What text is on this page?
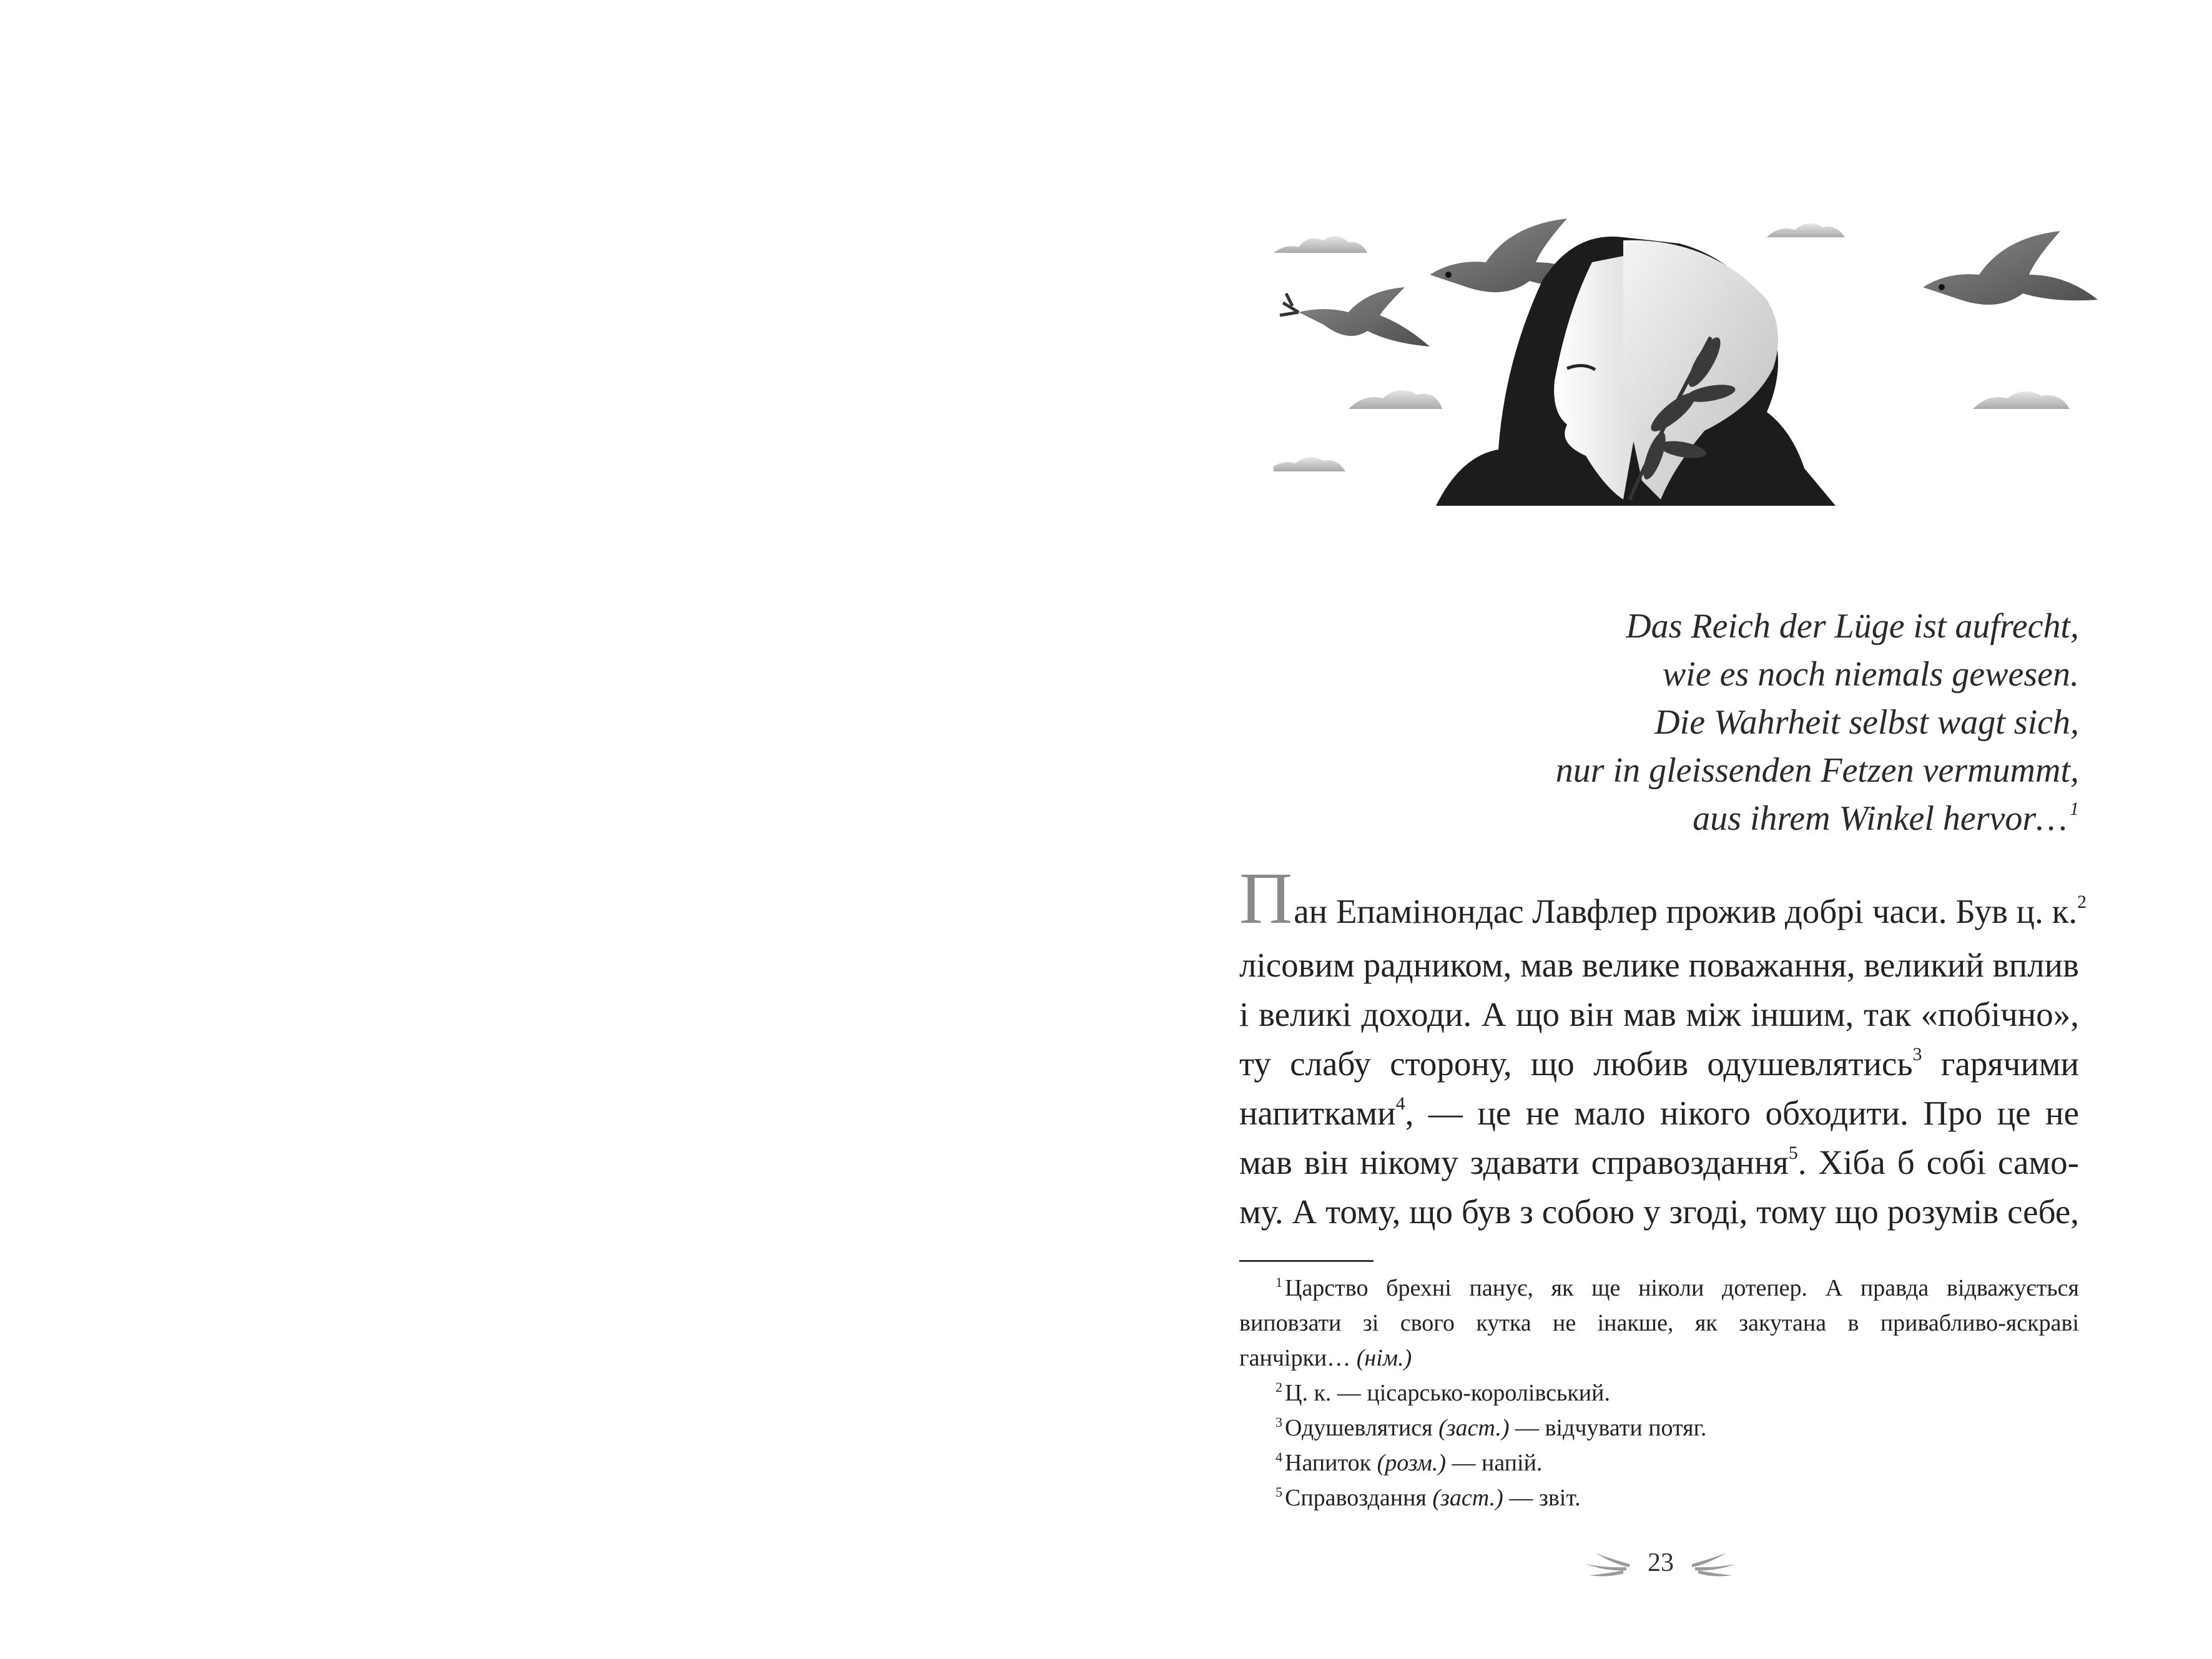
Das Reich der Lüge ist aufrecht,
wie es noch niemals gewesen.
Die Wahrheit selbst wagt sich,
nur in gleissenden Fetzen vermummt,
aus ihrem Winkel hervor… $^1$
Пан Епамінондас Лавфлер прожив добрі часи. Був ц. к.$^2$
лісовим радником, мав велике поважання, великий вплив
і великі доходи. А що він мав між іншим, так «побічно»,
ту слабу сторону, що любив одушевлятись$^3$ гарячими
напитками$^4$, — це не мало нікого обходити. Про це не
мав він нікому здавати справоздання$^5$. Хіба б собі само-
му. А тому, що був з собою у згоді, тому що розумів себе,
$^1$ Царство брехні панує, як ще ніколи дотепер. А правда відважується
виповзати зі свого кутка не інакше, як закутана в привабливо-яскраві
ганчірки… (нім.)
$^2$ Ц. к. — цісарсько-королівський.
$^3$ Одушевлятися (заст.) — відчувати потяг.
$^4$ Напиток (розм.) — напій.
$^5$ Справоздання (заст.) — звіт.
23
